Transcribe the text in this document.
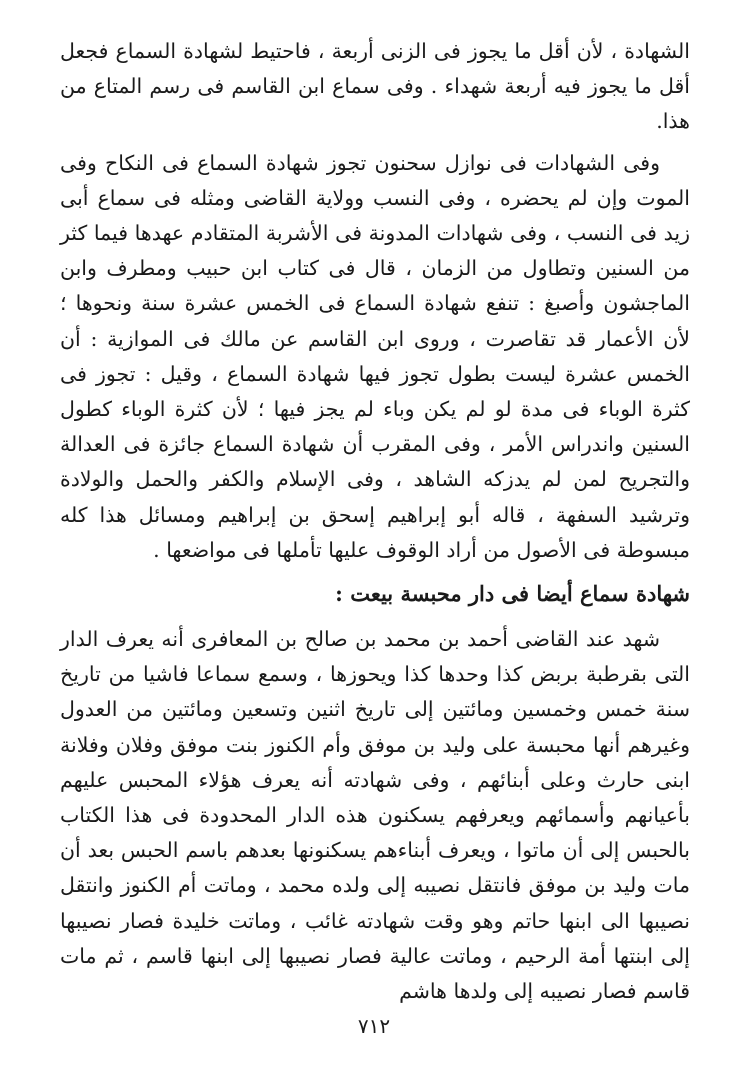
الشهادة ، لأن أقل ما يجوز فى الزنى أربعة ، فاحتيط لشهادة السماع فجعل أقل ما يجوز فيه أربعة شهداء . وفى سماع ابن القاسم فى رسم المتاع من هذا.

وفى الشهادات فى نوازل سحنون تجوز شهادة السماع فى النكاح وفى الموت وإن لم يحضره ، وفى النسب وولاية القاضى ومثله فى سماع أبى زيد فى النسب ، وفى شهادات المدونة فى الأشربة المتقادم عهدها فيما كثر من السنين وتطاول من الزمان ، قال فى كتاب ابن حبيب ومطرف وابن الماجشون وأصبغ : تنفع شهادة السماع فى الخمس عشرة سنة ونحوها ؛ لأن الأعمار قد تقاصرت ، وروى ابن القاسم عن مالك فى الموازية : أن الخمس عشرة ليست بطول تجوز فيها شهادة السماع ، وقيل : تجوز فى كثرة الوباء فى مدة لو لم يكن وباء لم يجز فيها ؛ لأن كثرة الوباء كطول السنين واندراس الأمر ، وفى المقرب أن شهادة السماع جائزة فى العدالة والتجريح لمن لم يدزكه الشاهد ، وفى الإسلام والكفر والحمل والولادة وترشيد السفهة ، قاله أبو إبراهيم إسحق بن إبراهيم ومسائل هذا كله مبسوطة فى الأصول من أراد الوقوف عليها تأملها فى مواضعها .

شهادة سماع أيضا فى دار محبسة بيعت :

شهد عند القاضى أحمد بن محمد بن صالح بن المعافرى أنه يعرف الدار التى بقرطبة بربض كذا وحدها كذا ويحوزها ، وسمع سماعا فاشيا من تاريخ سنة خمس وخمسين ومائتين إلى تاريخ اثنين وتسعين ومائتين من العدول وغيرهم أنها محبسة على وليد بن موفق وأم الكنوز بنت موفق وفلان وفلانة ابنى حارث وعلى أبنائهم ، وفى شهادته أنه يعرف هؤلاء المحبس عليهم بأعيانهم وأسمائهم ويعرفهم يسكنون هذه الدار المحدودة فى هذا الكتاب بالحبس إلى أن ماتوا ، ويعرف أبناءهم يسكنونها بعدهم باسم الحبس بعد أن مات وليد بن موفق فانتقل نصيبه إلى ولده محمد ، وماتت أم الكنوز وانتقل نصيبها الى ابنها حاتم وهو وقت شهادته غائب ، وماتت خليدة فصار نصيبها إلى ابنتها أمة الرحيم ، وماتت عالية فصار نصيبها إلى ابنها قاسم ، ثم مات قاسم فصار نصيبه إلى ولدها هاشم

٧١٢
